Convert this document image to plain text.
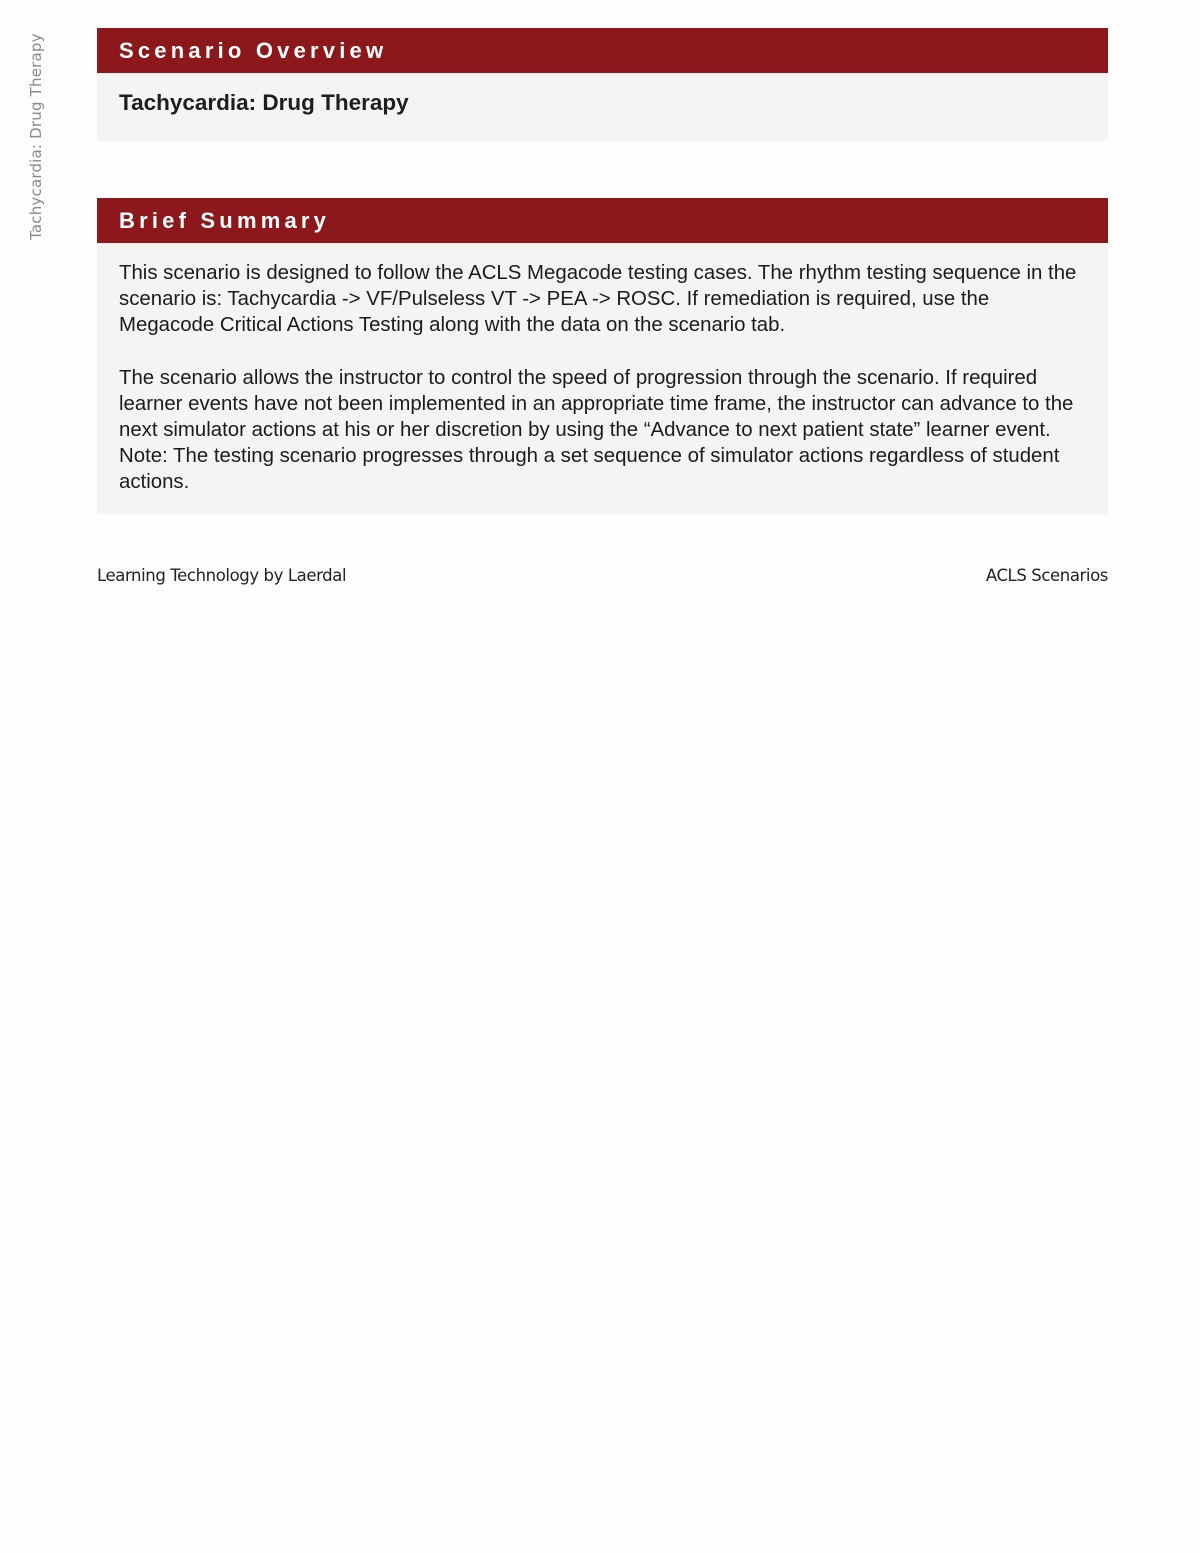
Tachycardia: Drug Therapy	Scenario Overview
Tachycardia: Drug Therapy
Brief Summary

This scenario is designed to follow the ACLS Megacode testing cases. The rhythm testing sequence in the scenario is: Tachycardia -> VF/Pulseless VT -> PEA -> ROSC. If remediation is required, use the Megacode Critical Actions Testing along with the data on the scenario tab.

The scenario allows the instructor to control the speed of progression through the scenario. If required learner events have not been implemented in an appropriate time frame, the instructor can advance to the next simulator actions at his or her discretion by using the “Advance to next patient state” learner event. Note: The testing scenario progresses through a set sequence of simulator actions regardless of student actions.

Learning Technology by Laerdal	ACLS Scenarios
